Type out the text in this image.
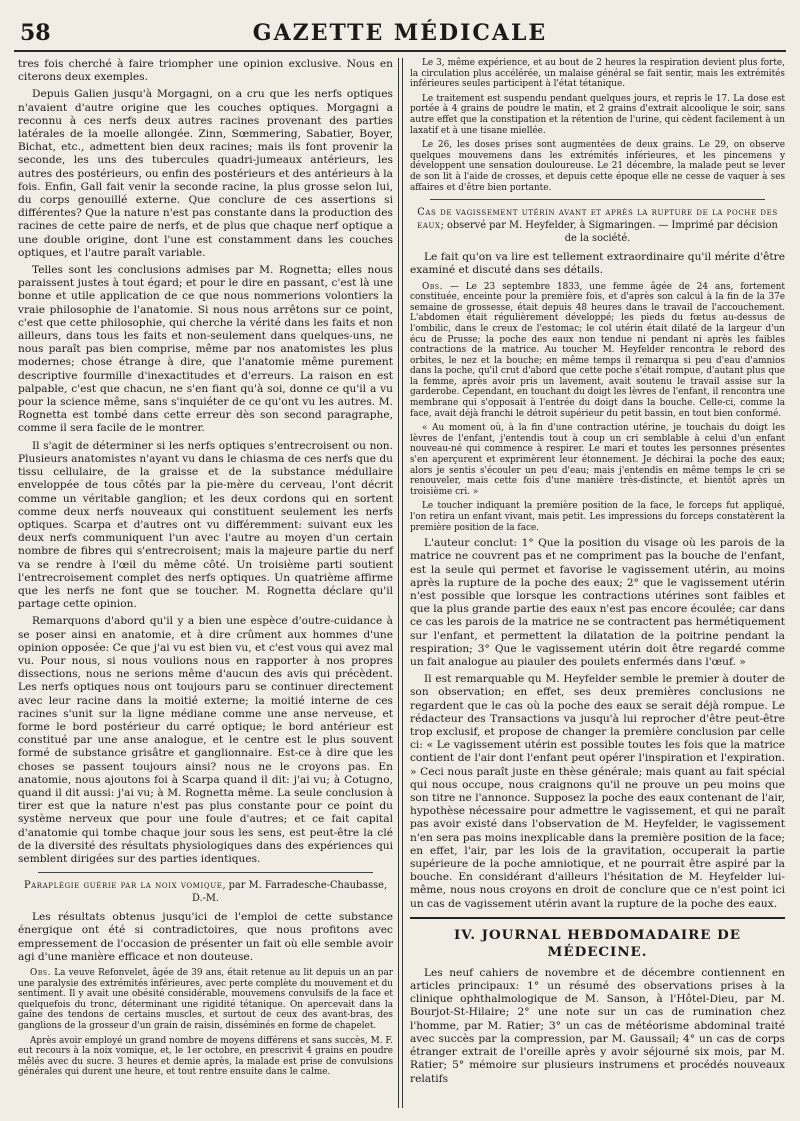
58	GAZETTE MÉDICALE

tres fois cherché à faire triompher une opinion exclusive. Nous en citerons deux exemples.

Depuis Galien jusqu'à Morgagni, on a cru que les nerfs optiques n'avaient d'autre origine que les couches optiques. Morgagni a reconnu à ces nerfs deux autres racines provenant des parties latérales de la moelle allongée. Zinn, Sœmmering, Sabatier, Boyer, Bichat, etc., admettent bien deux racines; mais ils font provenir la seconde, les uns des tubercules quadri-jumeaux antérieurs, les autres des postérieurs, ou enfin des postérieurs et des antérieurs à la fois. Enfin, Gall fait venir la seconde racine, la plus grosse selon lui, du corps genouillé externe. Que conclure de ces assertions si différentes? Que la nature n'est pas constante dans la production des racines de cette paire de nerfs, et de plus que chaque nerf optique a une double origine, dont l'une est constamment dans les couches optiques, et l'autre paraît variable.

Telles sont les conclusions admises par M. Rognetta; elles nous paraissent justes à tout égard; et pour le dire en passant, c'est là une bonne et utile application de ce que nous nommerions volontiers la vraie philosophie de l'anatomie. Si nous nous arrêtons sur ce point, c'est que cette philosophie, qui cherche la vérité dans les faits et non ailleurs, dans tous les faits et non-seulement dans quelques-uns, ne nous paraît pas bien comprise, même par nos anatomistes les plus modernes; chose étrange à dire, que l'anatomie même purement descriptive fourmille d'inexactitudes et d'erreurs. La raison en est palpable, c'est que chacun, ne s'en fiant qu'à soi, donne ce qu'il a vu pour la science même, sans s'inquiéter de ce qu'ont vu les autres. M. Rognetta est tombé dans cette erreur dès son second paragraphe, comme il sera facile de le montrer.

Il s'agit de déterminer si les nerfs optiques s'entrecroisent ou non. Plusieurs anatomistes n'ayant vu dans le chiasma de ces nerfs que du tissu cellulaire, de la graisse et de la substance médullaire enveloppée de tous côtés par la pie-mère du cerveau, l'ont décrit comme un véritable ganglion; et les deux cordons qui en sortent comme deux nerfs nouveaux qui constituent seulement les nerfs optiques. Scarpa et d'autres ont vu différemment: suivant eux les deux nerfs communiquent l'un avec l'autre au moyen d'un certain nombre de fibres qui s'entrecroisent; mais la majeure partie du nerf va se rendre à l'œil du même côté. Un troisième parti soutient l'entrecroisement complet des nerfs optiques. Un quatrième affirme que les nerfs ne font que se toucher. M. Rognetta déclare qu'il partage cette opinion.

Remarquons d'abord qu'il y a bien une espèce d'outre-cuidance à se poser ainsi en anatomie, et à dire crûment aux hommes d'une opinion opposée: Ce que j'ai vu est bien vu, et c'est vous qui avez mal vu. Pour nous, si nous voulions nous en rapporter à nos propres dissections, nous ne serions même d'aucun des avis qui précèdent. Les nerfs optiques nous ont toujours paru se continuer directement avec leur racine dans la moitié externe; la moitié interne de ces racines s'unit sur la ligne médiane comme une anse nerveuse, et forme le bord postérieur du carré optique; le bord antérieur est constitué par une anse analogue, et le centre est le plus souvent formé de substance grisâtre et ganglionnaire. Est-ce à dire que les choses se passent toujours ainsi? nous ne le croyons pas. En anatomie, nous ajoutons foi à Scarpa quand il dit: j'ai vu; à Cotugno, quand il dit aussi: j'ai vu; à M. Rognetta même. La seule conclusion à tirer est que la nature n'est pas plus constante pour ce point du système nerveux que pour une foule d'autres; et ce fait capital d'anatomie qui tombe chaque jour sous les sens, est peut-être la clé de la diversité des résultats physiologiques dans des expériences qui semblent dirigées sur des parties identiques.

Paraplégie guérie par la noix vomique, par M. Farradesche-Chaubasse, D.-M.

Les résultats obtenus jusqu'ici de l'emploi de cette substance énergique ont été si contradictoires, que nous profitons avec empressement de l'occasion de présenter un fait où elle semble avoir agi d'une manière efficace et non douteuse.

Obs. La veuve Refonvelet, âgée de 39 ans, était retenue au lit depuis un an par une paralysie des extrémités inférieures, avec perte complète du mouvement et du sentiment. Il y avait une obésité considérable, mouvemens convulsifs de la face et quelquefois du tronc, déterminant une rigidité tétanique. On apercevait dans la gaîne des tendons de certains muscles, et surtout de ceux des avant-bras, des ganglions de la grosseur d'un grain de raisin, disséminés en forme de chapelet.

Après avoir employé un grand nombre de moyens différens et sans succès, M. F. eut recours à la noix vomique, et, le 1er octobre, en prescrivit 4 grains en poudre mêlés avec du sucre. 3 heures et demie après, la malade est prise de convulsions générales qui durent une heure, et tout rentre ensuite dans le calme.

Le 3, même expérience, et au bout de 2 heures la respiration devient plus forte, la circulation plus accélérée, un malaise général se fait sentir, mais les extrémités inférieures seules participent à l'état tétanique.

Le traitement est suspendu pendant quelques jours, et repris le 17. La dose est portée à 4 grains de poudre le matin, et 2 grains d'extrait alcoolique le soir, sans autre effet que la constipation et la rétention de l'urine, qui cèdent facilement à un laxatif et à une tisane miellée.

Le 26, les doses prises sont augmentées de deux grains. Le 29, on observe quelques mouvemens dans les extrémités inférieures, et les pincemens y développent une sensation douloureuse. Le 21 décembre, la malade peut se lever de son lit à l'aide de crosses, et depuis cette époque elle ne cesse de vaquer à ses affaires et d'être bien portante.

Cas de vagissement utérin avant et après la rupture de la poche des eaux; observé par M. Heyfelder, à Sigmaringen. — Imprimé par décision de la société.

Le fait qu'on va lire est tellement extraordinaire qu'il mérite d'être examiné et discuté dans ses détails.

Obs. — Le 23 septembre 1833, une femme âgée de 24 ans, fortement constituée, enceinte pour la première fois, et d'après son calcul à la fin de la 37e semaine de grossesse, était depuis 48 heures dans le travail de l'accouchement. L'abdomen était régulièrement développé; les pieds du fœtus au-dessus de l'ombilic, dans le creux de l'estomac; le col utérin était dilaté de la largeur d'un écu de Prusse; la poche des eaux non tendue ni pendant ni après les faibles contractions de la matrice. Au toucher M. Heyfelder rencontra le rebord des orbites, le nez et la bouche; en même temps il remarqua si peu d'eau d'amnios dans la poche, qu'il crut d'abord que cette poche s'était rompue, d'autant plus que la femme, après avoir pris un lavement, avait soutenu le travail assise sur la garderobe. Cependant, en touchant du doigt les lèvres de l'enfant, il rencontra une membrane qui s'opposait à l'entrée du doigt dans la bouche. Celle-ci, comme la face, avait déjà franchi le détroit supérieur du petit bassin, en tout bien conformé.

« Au moment où, à la fin d'une contraction utérine, je touchais du doigt les lèvres de l'enfant, j'entendis tout à coup un cri semblable à celui d'un enfant nouveau-né qui commence à respirer. Le mari et toutes les personnes présentes s'en aperçurent et exprimèrent leur étonnement. Je déchirai la poche des eaux; alors je sentis s'écouler un peu d'eau; mais j'entendis en même temps le cri se renouveler, mais cette fois d'une manière très-distincte, et bientôt après un troisième cri. »

Le toucher indiquant la première position de la face, le forceps fut appliqué, l'on retira un enfant vivant, mais petit. Les impressions du forceps constatèrent la première position de la face.

L'auteur conclut: 1° Que la position du visage où les parois de la matrice ne couvrent pas et ne compriment pas la bouche de l'enfant, est la seule qui permet et favorise le vagissement utérin, au moins après la rupture de la poche des eaux; 2° que le vagissement utérin n'est possible que lorsque les contractions utérines sont faibles et que la plus grande partie des eaux n'est pas encore écoulée; car dans ce cas les parois de la matrice ne se contractent pas hermétiquement sur l'enfant, et permettent la dilatation de la poitrine pendant la respiration; 3° Que le vagissement utérin doit être regardé comme un fait analogue au piauler des poulets enfermés dans l'œuf. »

Il est remarquable qu M. Heyfelder semble le premier à douter de son observation; en effet, ses deux premières conclusions ne regardent que le cas où la poche des eaux se serait déjà rompue. Le rédacteur des Transactions va jusqu'à lui reprocher d'être peut-être trop exclusif, et propose de changer la première conclusion par celle ci: « Le vagissement utérin est possible toutes les fois que la matrice contient de l'air dont l'enfant peut opérer l'inspiration et l'expiration. » Ceci nous paraît juste en thèse générale; mais quant au fait spécial qui nous occupe, nous craignons qu'il ne prouve un peu moins que son titre ne l'annonce. Supposez la poche des eaux contenant de l'air, hypothèse nécessaire pour admettre le vagissement, et qui ne paraît pas avoir existé dans l'observation de M. Heyfelder, le vagissement n'en sera pas moins inexplicable dans la première position de la face; en effet, l'air, par les lois de la gravitation, occuperait la partie supérieure de la poche amniotique, et ne pourrait être aspiré par la bouche. En considérant d'ailleurs l'hésitation de M. Heyfelder lui-même, nous nous croyons en droit de conclure que ce n'est point ici un cas de vagissement utérin avant la rupture de la poche des eaux.

IV. JOURNAL HEBDOMADAIRE DE MÉDECINE.

Les neuf cahiers de novembre et de décembre contiennent en articles principaux: 1° un résumé des observations prises à la clinique ophthalmologique de M. Sanson, à l'Hôtel-Dieu, par M. Bourjot-St-Hilaire; 2° une note sur un cas de rumination chez l'homme, par M. Ratier; 3° un cas de météorisme abdominal traité avec succès par la compression, par M. Gaussail; 4° un cas de corps étranger extrait de l'oreille après y avoir séjourné six mois, par M. Ratier; 5° mémoire sur plusieurs instrumens et procédés nouveaux relatifs
